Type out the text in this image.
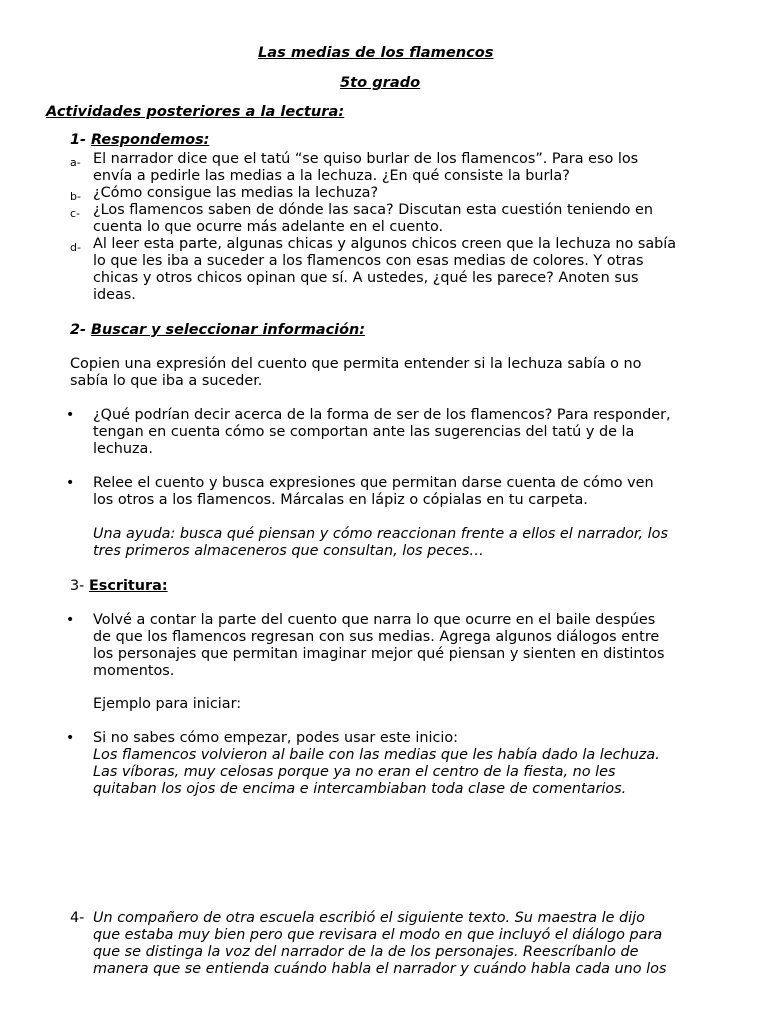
Las medias de los flamencos
5to grado
Actividades posteriores a la lectura:
1- Respondemos:
a- El narrador dice que el tatú “se quiso burlar de los flamencos”. Para eso los
envía a pedirle las medias a la lechuza. ¿En qué consiste la burla?
b- ¿Cómo consigue las medias la lechuza?
c- ¿Los flamencos saben de dónde las saca? Discutan esta cuestión teniendo en
cuenta lo que ocurre más adelante en el cuento.
d- Al leer esta parte, algunas chicas y algunos chicos creen que la lechuza no sabía
lo que les iba a suceder a los flamencos con esas medias de colores. Y otras
chicas y otros chicos opinan que sí. A ustedes, ¿qué les parece? Anoten sus
ideas.
2- Buscar y seleccionar información:
Copien una expresión del cuento que permita entender si la lechuza sabía o no
sabía lo que iba a suceder.
• ¿Qué podrían decir acerca de la forma de ser de los flamencos? Para responder,
tengan en cuenta cómo se comportan ante las sugerencias del tatú y de la
lechuza.
• Relee el cuento y busca expresiones que permitan darse cuenta de cómo ven
los otros a los flamencos. Márcalas en lápiz o cópialas en tu carpeta.
Una ayuda: busca qué piensan y cómo reaccionan frente a ellos el narrador, los
tres primeros almaceneros que consultan, los peces…
3- Escritura:
• Volvé a contar la parte del cuento que narra lo que ocurre en el baile despúes
de que los flamencos regresan con sus medias. Agrega algunos diálogos entre
los personajes que permitan imaginar mejor qué piensan y sienten en distintos
momentos.
Ejemplo para iniciar:
• Si no sabes cómo empezar, podes usar este inicio:
Los flamencos volvieron al baile con las medias que les había dado la lechuza.
Las víboras, muy celosas porque ya no eran el centro de la fiesta, no les
quitaban los ojos de encima e intercambiaban toda clase de comentarios.
4- Un compañero de otra escuela escribió el siguiente texto. Su maestra le dijo
que estaba muy bien pero que revisara el modo en que incluyó el diálogo para
que se distinga la voz del narrador de la de los personajes. Reescríbanlo de
manera que se entienda cuándo habla el narrador y cuándo habla cada uno los
